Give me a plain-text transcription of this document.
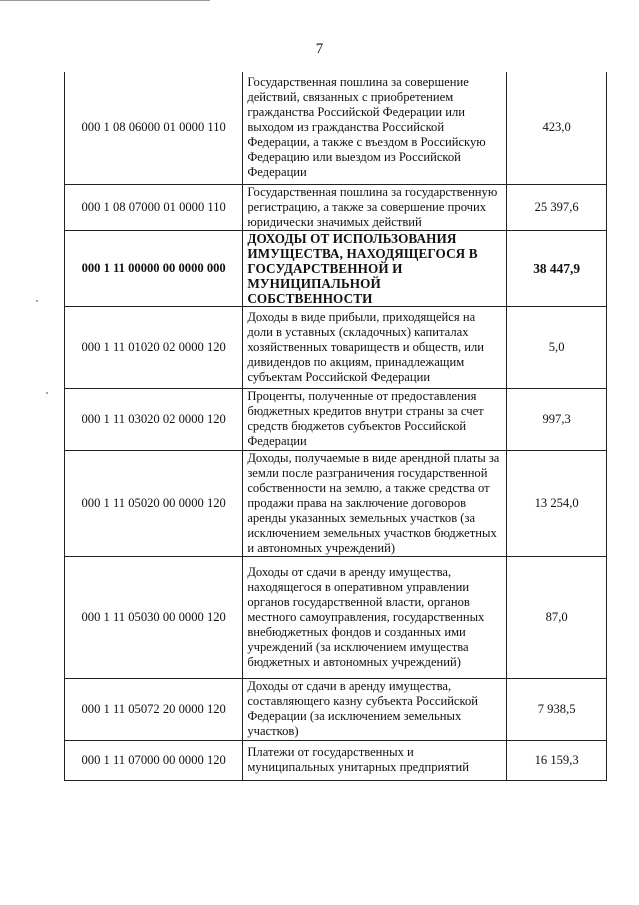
7
000 1 08 06000 01 0000 110	Государственная пошлина за совершение действий, связанных с приобретением гражданства Российской Федерации или выходом из гражданства Российской Федерации, а также с въездом в Российскую Федерацию или выездом из Российской Федерации	423,0
000 1 08 07000 01 0000 110	Государственная пошлина за государственную регистрацию, а также за совершение прочих юридически значимых действий	25 397,6
000 1 11 00000 00 0000 000	ДОХОДЫ ОТ ИСПОЛЬЗОВАНИЯ ИМУЩЕСТВА, НАХОДЯЩЕГОСЯ В ГОСУДАРСТВЕННОЙ И МУНИЦИПАЛЬНОЙ СОБСТВЕННОСТИ	38 447,9
000 1 11 01020 02 0000 120	Доходы в виде прибыли, приходящейся на доли в уставных (складочных) капиталах хозяйственных товариществ и обществ, или дивидендов по акциям, принадлежащим субъектам Российской Федерации	5,0
000 1 11 03020 02 0000 120	Проценты, полученные от предоставления бюджетных кредитов внутри страны за счет средств бюджетов субъектов Российской Федерации	997,3
000 1 11 05020 00 0000 120	Доходы, получаемые в виде арендной платы за земли после разграничения государственной собственности на землю, а также средства от продажи права на заключение договоров аренды указанных земельных участков (за исключением земельных участков бюджетных и автономных учреждений)	13 254,0
000 1 11 05030 00 0000 120	Доходы от сдачи в аренду имущества, находящегося в оперативном управлении органов государственной власти, органов местного самоуправления, государственных внебюджетных фондов и созданных ими учреждений (за исключением имущества бюджетных и автономных учреждений)	87,0
000 1 11 05072 20 0000 120	Доходы от сдачи в аренду имущества, составляющего казну субъекта Российской Федерации (за исключением земельных участков)	7 938,5
000 1 11 07000 00 0000 120	Платежи от государственных и муниципальных унитарных предприятий	16 159,3
